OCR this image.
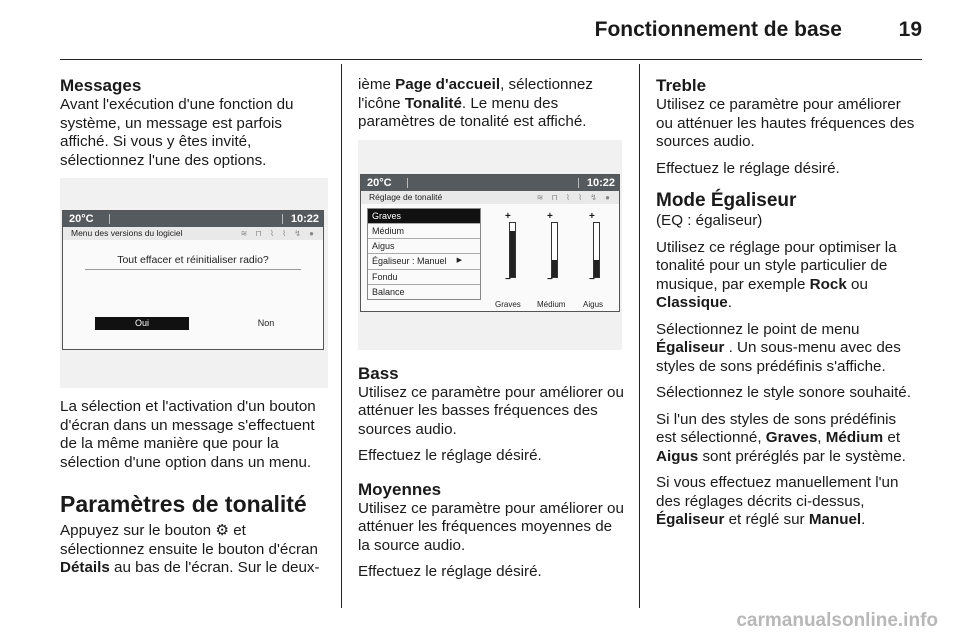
Fonctionnement de base	19
Messages

Avant l'exécution d'une fonction du système, un message est parfois affiché. Si vous y êtes invité, sélectionnez l'une des options.

20°C	10:22
Menu des versions du logiciel	≋ ⊓ ⌇ ⌇ ↯ ●
Tout effacer et réinitialiser radio?
Oui	Non

La sélection et l'activation d'un bouton d'écran dans un message s'effectuent de la même manière que pour la sélection d'une option dans un menu.

Paramètres de tonalité

Appuyez sur le bouton ⚙ et sélectionnez ensuite le bouton d'écran Détails au bas de l'écran. Sur le deux-

ième Page d'accueil, sélectionnez l'icône Tonalité. Le menu des paramètres de tonalité est affiché.

20°C	10:22
Réglage de tonalité	≋ ⊓ ⌇ ⌇ ↯ ●
Graves
Médium
Aigus
Égaliseur : Manuel ▶
Fondu
Balance
+
−
+
−
+
−
Graves Médium Aigus
Bass

Utilisez ce paramètre pour améliorer ou atténuer les basses fréquences des sources audio.

Effectuez le réglage désiré.

Moyennes

Utilisez ce paramètre pour améliorer ou atténuer les fréquences moyennes de la source audio.

Effectuez le réglage désiré.

Treble

Utilisez ce paramètre pour améliorer ou atténuer les hautes fréquences des sources audio.

Effectuez le réglage désiré.

Mode Égaliseur

(EQ : égaliseur)

Utilisez ce réglage pour optimiser la tonalité pour un style particulier de musique, par exemple Rock ou Classique.

Sélectionnez le point de menu Égaliseur . Un sous-menu avec des styles de sons prédéfinis s'affiche.

Sélectionnez le style sonore souhaité.

Si l'un des styles de sons prédéfinis est sélectionné, Graves, Médium et Aigus sont préréglés par le système.

Si vous effectuez manuellement l'un des réglages décrits ci-dessus, Égaliseur et réglé sur Manuel.

carmanualsonline.info
